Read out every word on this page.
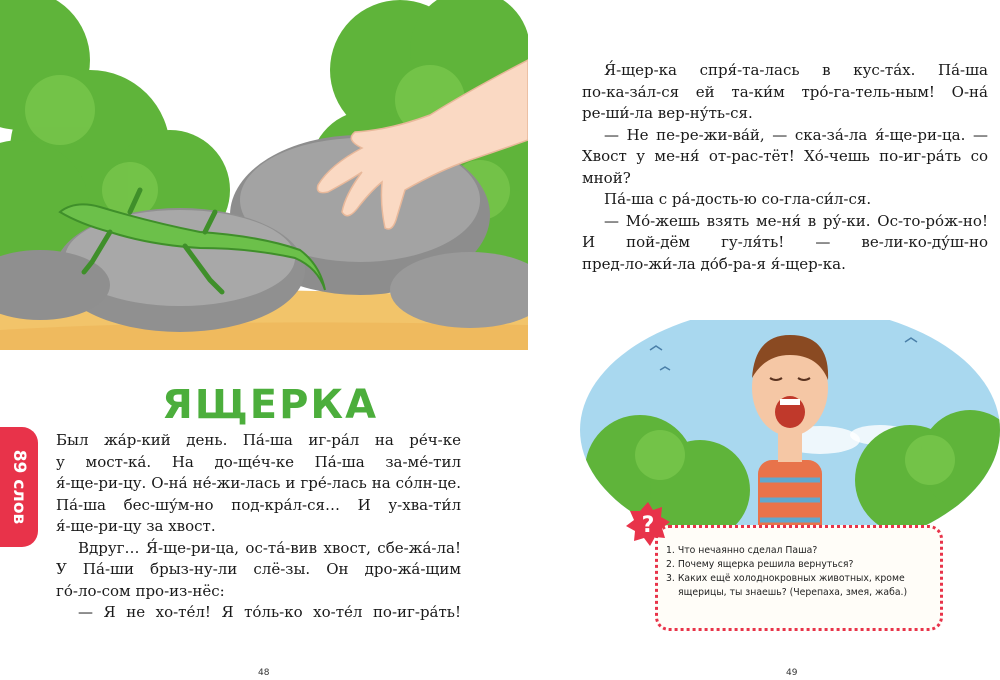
ЯЩЕРКА
89 слов

Был жа́р-кий день. Па́-ша иг-ра́л на ре́ч-ке

у мост-ка́. На до-ще́ч-ке Па́-ша за-ме́-тил

я́-ще-ри-цу. О-на́ не́-жи-лась и гре́-лась на со́лн-це.

Па́-ша бес-шу́м-но под-кра́л-ся… И у-хва-ти́л

я́-ще-ри-цу за хвост.

Вдруг… Я́-ще-ри-ца, ос-та́-вив хвост, сбе-жа́-ла!

У Па́-ши брыз-ну-ли слё-зы. Он дро-жа́-щим

го́-ло-сом про-из-нёс:

— Я не хо-те́л! Я то́ль-ко хо-те́л по-иг-ра́ть!

48

Я́-щер-ка спря́-та-лась в кус-та́х. Па́-ша

по-ка-за́л-ся ей та-ки́м тро́-га-тель-ным! О-на́

ре-ши́-ла вер-ну́ть-ся.

— Не пе-ре-жи-ва́й, — ска-за́-ла я́-ще-ри-ца. —

Хвост у ме-ня́ от-рас-тёт! Хо́-чешь по-иг-ра́ть со

мной?

Па́-ша с ра́-дость-ю со-гла-си́л-ся.

— Мо́-жешь взять ме-ня́ в ру́-ки. Ос-то-ро́ж-но!

И пой-дём гу-ля́ть! — ве-ли-ко-ду́ш-но

пред-ло-жи́-ла до́б-ра-я я́-щер-ка.

1. Что нечаянно сделал Паша?
2. Почему ящерка решила вернуться?
3. Каких ещё холоднокровных животных, кроме
ящерицы, ты знаешь? (Черепаха, змея, жаба.)
?
49
